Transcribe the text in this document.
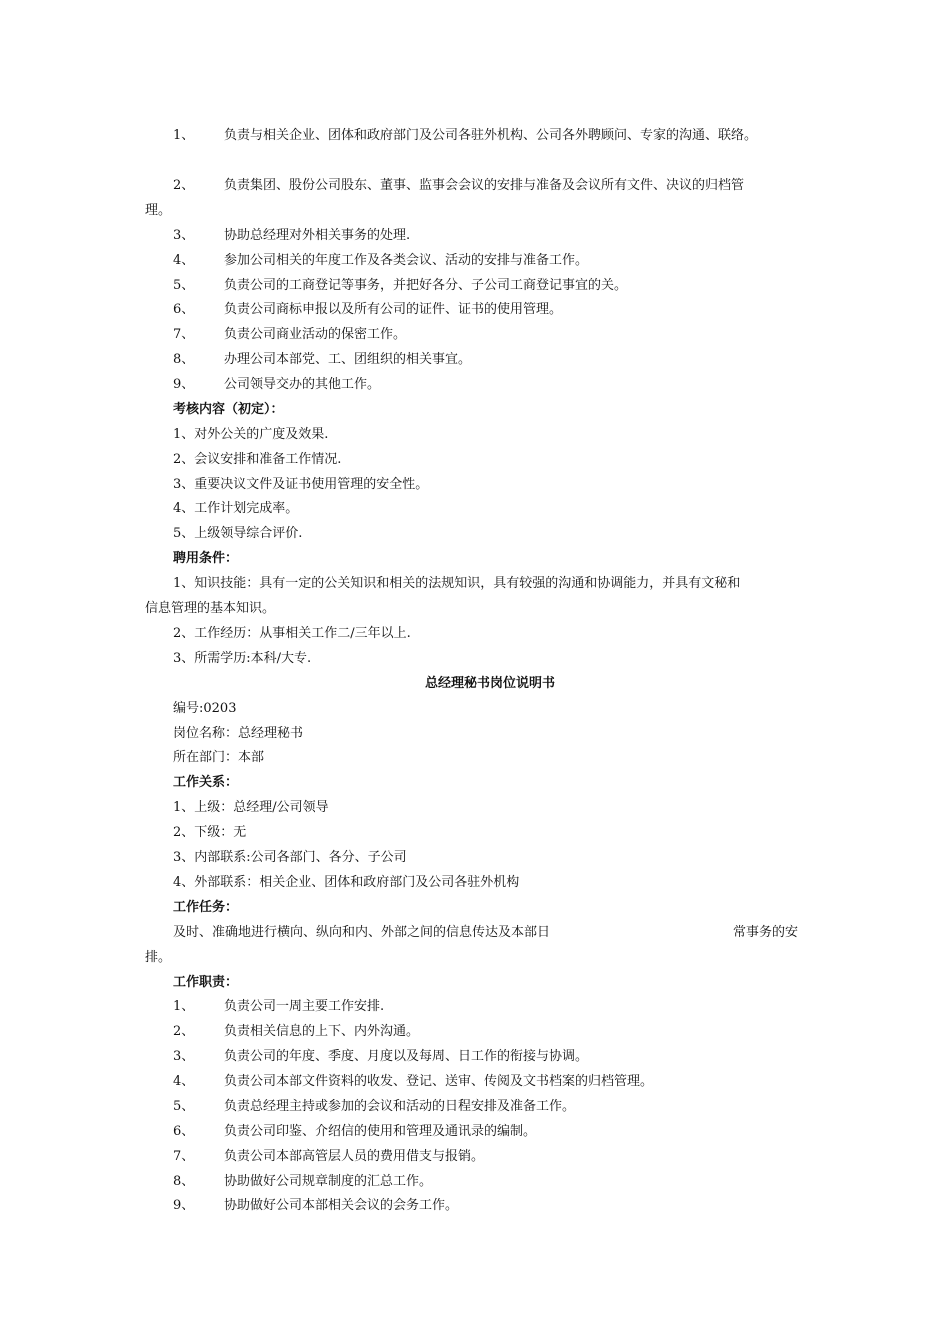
1、 负责与相关企业、团体和政府部门及公司各驻外机构、公司各外聘顾问、专家的沟通、联络。
2、 负责集团、股份公司股东、董事、监事会会议的安排与准备及会议所有文件、决议的归档管
理。
3、 协助总经理对外相关事务的处理.
4、 参加公司相关的年度工作及各类会议、活动的安排与准备工作。
5、 负责公司的工商登记等事务，并把好各分、子公司工商登记事宜的关。
6、 负责公司商标申报以及所有公司的证件、证书的使用管理。
7、 负责公司商业活动的保密工作。
8、 办理公司本部党、工、团组织的相关事宜。
9、 公司领导交办的其他工作。
考核内容（初定）：
1、对外公关的广度及效果.
2、会议安排和准备工作情况.
3、重要决议文件及证书使用管理的安全性。
4、工作计划完成率。
5、上级领导综合评价.
聘用条件：
1、知识技能：具有一定的公关知识和相关的法规知识，具有较强的沟通和协调能力，并具有文秘和
信息管理的基本知识。
2、工作经历：从事相关工作二/三年以上.
3、所需学历:本科/大专.
总经理秘书岗位说明书
编号:0203
岗位名称：总经理秘书
所在部门：本部
工作关系：
1、上级：总经理/公司领导
2、下级：无
3、内部联系:公司各部门、各分、子公司
4、外部联系：相关企业、团体和政府部门及公司各驻外机构
工作任务：
及时、准确地进行横向、纵向和内、外部之间的信息传达及本部日	常事务的安
排。
工作职责：
1、 负责公司一周主要工作安排.
2、 负责相关信息的上下、内外沟通。
3、 负责公司的年度、季度、月度以及每周、日工作的衔接与协调。
4、 负责公司本部文件资料的收发、登记、送审、传阅及文书档案的归档管理。
5、 负责总经理主持或参加的会议和活动的日程安排及准备工作。
6、 负责公司印鉴、介绍信的使用和管理及通讯录的编制。
7、 负责公司本部高管层人员的费用借支与报销。
8、 协助做好公司规章制度的汇总工作。
9、 协助做好公司本部相关会议的会务工作。
